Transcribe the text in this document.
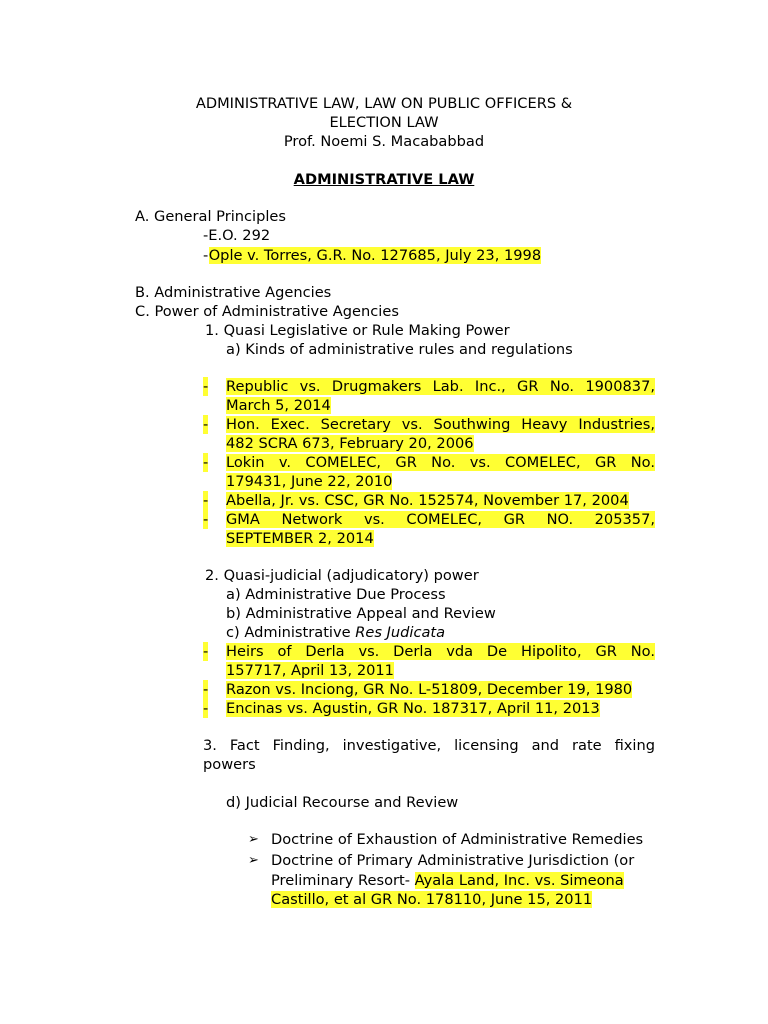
ADMINISTRATIVE LAW, LAW ON PUBLIC OFFICERS &
ELECTION LAW
Prof. Noemi S. Macababbad
ADMINISTRATIVE LAW
A. General Principles
-E.O. 292
-Ople v. Torres, G.R. No. 127685, July 23, 1998
B. Administrative Agencies
C. Power of Administrative Agencies
1. Quasi Legislative or Rule Making Power
a) Kinds of administrative rules and regulations
- Republic vs. Drugmakers Lab. Inc., GR No. 1900837,
March 5, 2014
- Hon. Exec. Secretary vs. Southwing Heavy Industries,
482 SCRA 673, February 20, 2006
- Lokin v. COMELEC, GR No. vs. COMELEC, GR No.
179431, June 22, 2010
- Abella, Jr. vs. CSC, GR No. 152574, November 17, 2004
- GMA Network vs. COMELEC, GR NO. 205357,
SEPTEMBER 2, 2014
2. Quasi-judicial (adjudicatory) power
a) Administrative Due Process
b) Administrative Appeal and Review
c) Administrative Res Judicata
- Heirs of Derla vs. Derla vda De Hipolito, GR No.
157717, April 13, 2011
- Razon vs. Inciong, GR No. L-51809, December 19, 1980
- Encinas vs. Agustin, GR No. 187317, April 11, 2013
3. Fact Finding, investigative, licensing and rate fixing
powers
d) Judicial Recourse and Review
➢ Doctrine of Exhaustion of Administrative Remedies
➢ Doctrine of Primary Administrative Jurisdiction (or
Preliminary Resort- Ayala Land, Inc. vs. Simeona
Castillo, et al GR No. 178110, June 15, 2011
